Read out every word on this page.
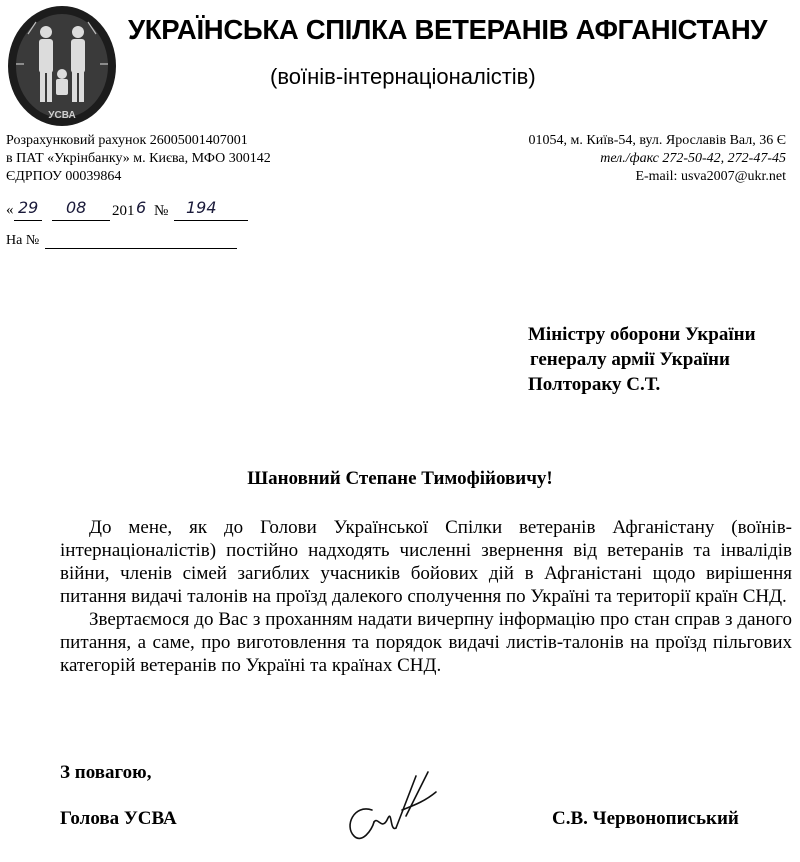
УСВА
УКРАЇНСЬКА СПІЛКА ВЕТЕРАНІВ АФГАНІСТАНУ
(воїнів-інтернаціоналістів)
Розрахунковий рахунок 26005001407001
в ПАТ «Укрінбанку» м. Києва, МФО 300142
ЄДРПОУ 00039864
01054, м. Київ-54, вул. Ярославів Вал, 36 Є
тел./факс 272-50-42, 272-47-45
E-mail: usva2007@ukr.net
« 29 08 201 6 № 194
На №
Міністру оборони України
генералу армії України
Полтораку С.Т.
Шановний Степане Тимофійовичу!

До мене, як до Голови Української Спілки ветеранів Афганістану (воїнів-інтернаціоналістів) постійно надходять численні звернення від ветеранів та інвалідів війни, членів сімей загиблих учасників бойових дій в Афганістані щодо вирішення питання видачі талонів на проїзд далекого сполучення по Україні та території країн СНД.

Звертаємося до Вас з проханням надати вичерпну інформацію про стан справ з даного питання, а саме, про виготовлення та порядок видачі листів-талонів на проїзд пільгових категорій ветеранів по Україні та країнах СНД.

З повагою,
Голова УСВА	С.В. Червонописький
